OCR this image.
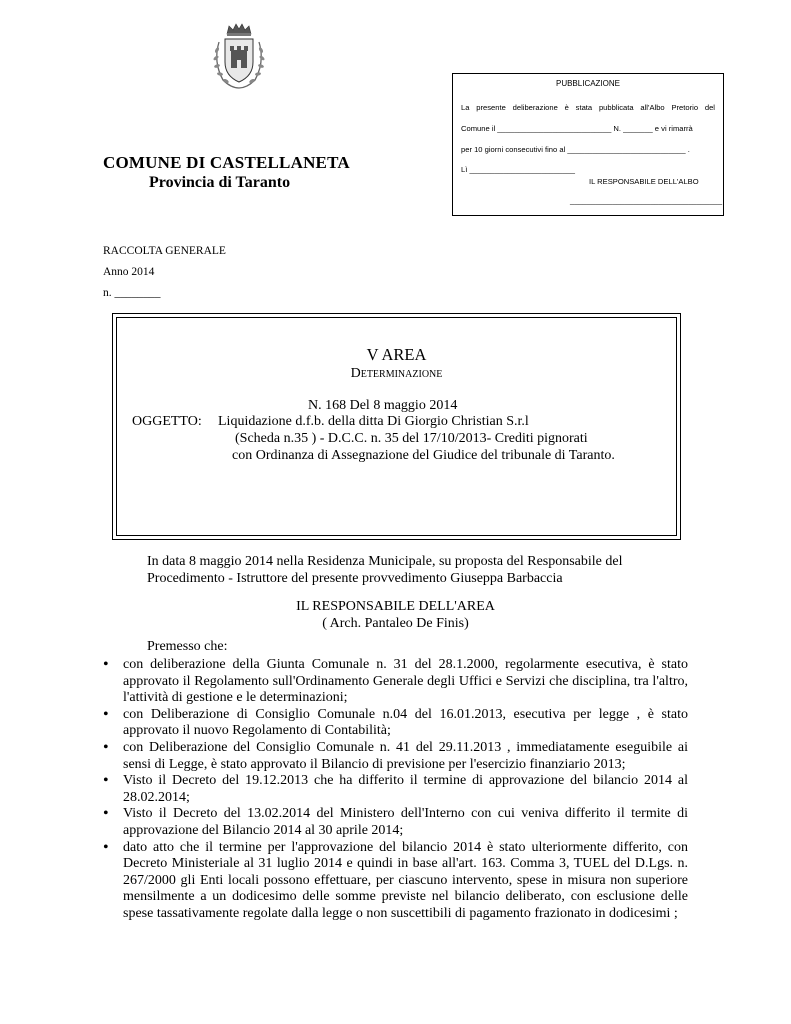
COMUNE DI CASTELLANETA
Provincia di Taranto
PUBBLICAZIONE
La presente deliberazione è stata pubblicata all'Albo Pretorio del
Comune il ___________________________ N. _______ e vi rimarrà
per 10 giorni consecutivi fino al ____________________________ .
Lì _________________________
IL RESPONSABILE DELL'ALBO
____________________________________
RACCOLTA GENERALE
Anno 2014
n. ________
V AREA
Determinazione
N. 168 Del 8 maggio 2014
OGGETTO: Liquidazione d.f.b. della ditta Di Giorgio Christian S.r.l
(Scheda n.35 ) - D.C.C. n. 35 del 17/10/2013- Crediti pignorati
con Ordinanza di Assegnazione del Giudice del tribunale di Taranto.
In data 8 maggio 2014 nella Residenza Municipale, su proposta del Responsabile del
Procedimento - Istruttore del presente provvedimento Giuseppa Barbaccia
IL RESPONSABILE DELL'AREA
( Arch. Pantaleo De Finis)
Premesso che:
• con deliberazione della Giunta Comunale n. 31 del 28.1.2000, regolarmente esecutiva, è stato approvato il Regolamento sull'Ordinamento Generale degli Uffici e Servizi che disciplina, tra l'altro, l'attività di gestione e le determinazioni;
• con Deliberazione di Consiglio Comunale n.04 del 16.01.2013, esecutiva per legge , è stato approvato il nuovo Regolamento di Contabilità;
• con Deliberazione del Consiglio Comunale n. 41 del 29.11.2013 , immediatamente eseguibile ai sensi di Legge, è stato approvato il Bilancio di previsione per l'esercizio finanziario 2013;
• Visto il Decreto del 19.12.2013 che ha differito il termine di approvazione del bilancio 2014 al 28.02.2014;
• Visto il Decreto del 13.02.2014 del Ministero dell'Interno con cui veniva differito il termite di approvazione del Bilancio 2014 al 30 aprile 2014;
• dato atto che il termine per l'approvazione del bilancio 2014 è stato ulteriormente differito, con Decreto Ministeriale al 31 luglio 2014 e quindi in base all'art. 163. Comma 3, TUEL del D.Lgs. n. 267/2000 gli Enti locali possono effettuare, per ciascuno intervento, spese in misura non superiore mensilmente a un dodicesimo delle somme previste nel bilancio deliberato, con esclusione delle spese tassativamente regolate dalla legge o non suscettibili di pagamento frazionato in dodicesimi ;
